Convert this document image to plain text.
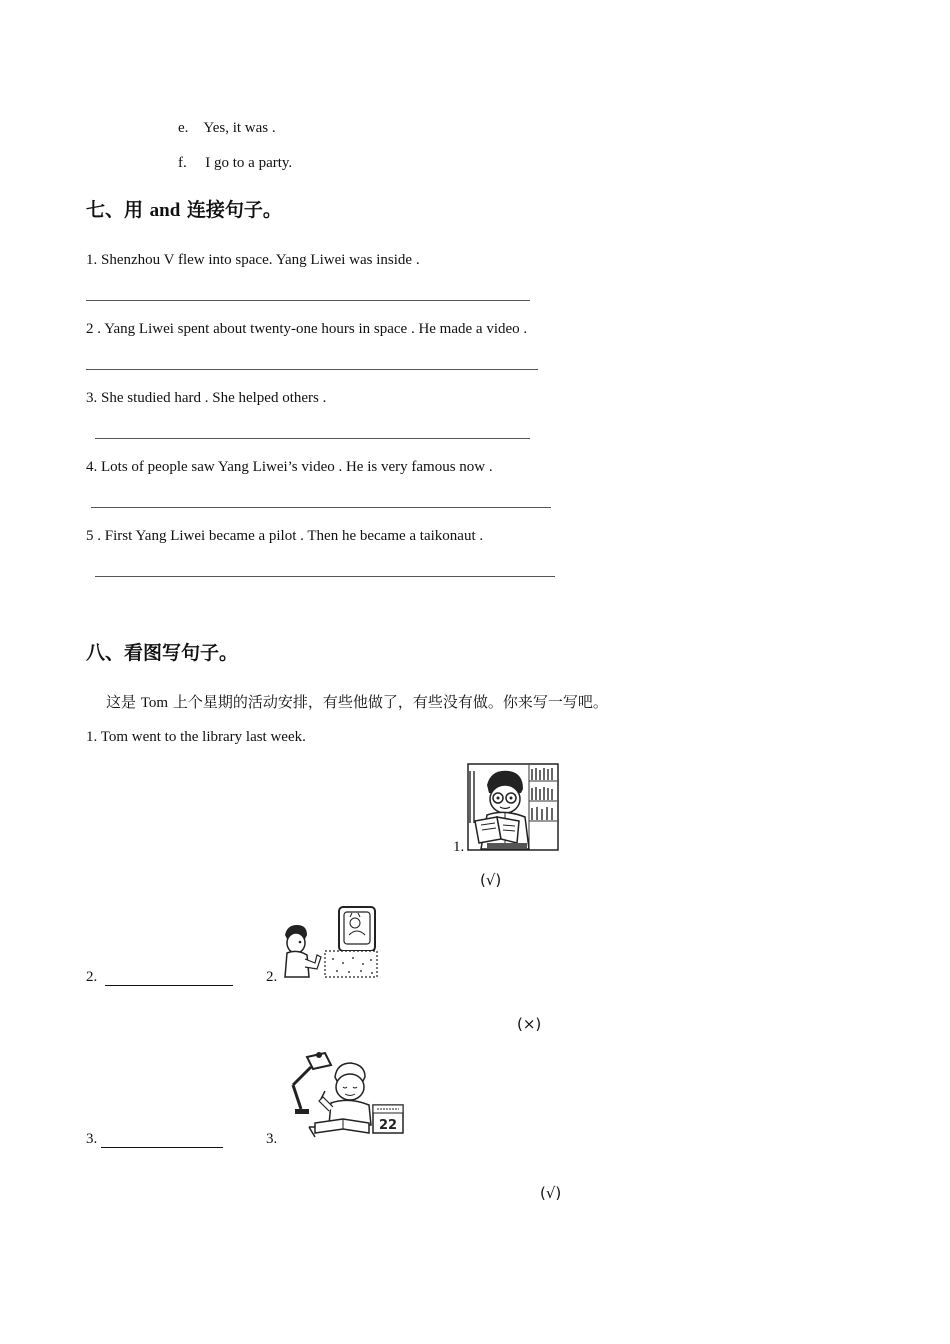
e. Yes, it was .
f. I go to a party.
七、用 and 连接句子。
1. Shenzhou V flew into space. Yang Liwei was inside .
2 . Yang Liwei spent about twenty-one hours in space . He made a video .
3. She studied hard . She helped others .
4. Lots of people saw Yang Liwei’s video . He is very famous now .
5 . First Yang Liwei became a pilot . Then he became a taikonaut .
八、看图写句子。
这是 Tom 上个星期的活动安排，有些他做了，有些没有做。你来写一写吧。
1. Tom went to the library last week.
1.
(√)
2.	2.
(×)
3.	3.
22
(√)
